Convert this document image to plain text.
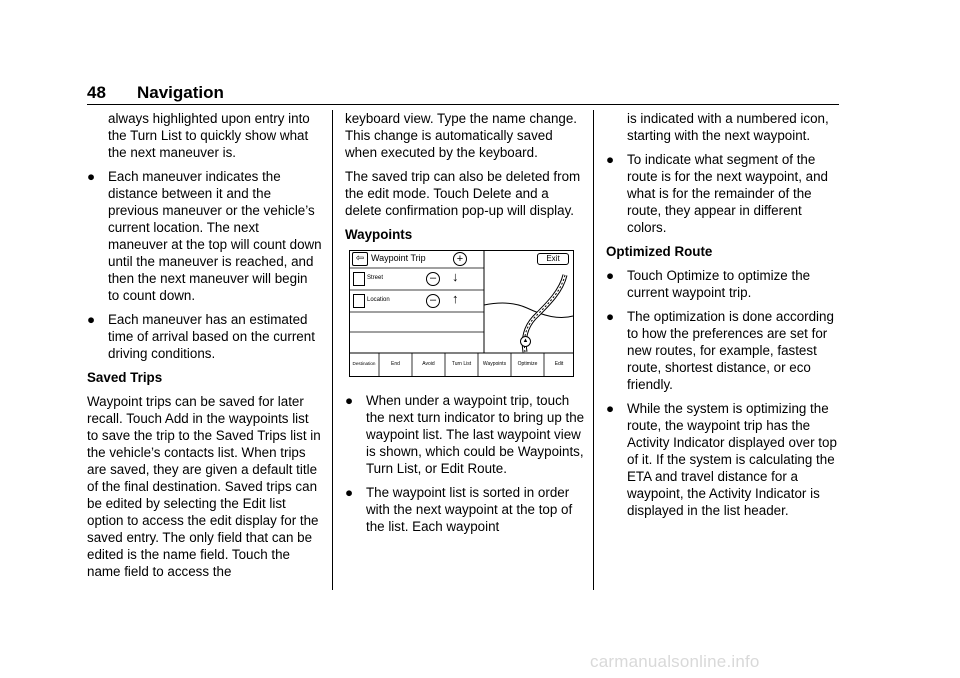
48 Navigation

always highlighted upon entry into the Turn List to quickly show what the next maneuver is.

● Each maneuver indicates the distance between it and the previous maneuver or the vehicle’s current location. The next maneuver at the top will count down until the maneuver is reached, and then the next maneuver will begin to count down.
● Each maneuver has an estimated time of arrival based on the current driving conditions.
Saved Trips

Waypoint trips can be saved for later recall. Touch Add in the waypoints list to save the trip to the Saved Trips list in the vehicle’s contacts list. When trips are saved, they are given a default title of the final destination. Saved trips can be edited by selecting the Edit list option to access the edit display for the saved entry. The only field that can be edited is the name field. Touch the name field to access the

keyboard view. Type the name change. This change is automatically saved when executed by the keyboard.

The saved trip can also be deleted from the edit mode. Touch Delete and a delete confirmation pop-up will display.

Waypoints
⇦ Waypoint Trip	+	Exit
Street	–	↓
Location	–	↑
▲
Destination	End	Avoid	Turn List	Waypoints	Optimize	Edit
● When under a waypoint trip, touch the next turn indicator to bring up the waypoint list. The last waypoint view is shown, which could be Waypoints, Turn List, or Edit Route.
● The waypoint list is sorted in order with the next waypoint at the top of the list. Each waypoint

is indicated with a numbered icon, starting with the next waypoint.

● To indicate what segment of the route is for the next waypoint, and what is for the remainder of the route, they appear in different colors.
Optimized Route
● Touch Optimize to optimize the current waypoint trip.
● The optimization is done according to how the preferences are set for new routes, for example, fastest route, shortest distance, or eco friendly.
● While the system is optimizing the route, the waypoint trip has the Activity Indicator displayed over top of it. If the system is calculating the ETA and travel distance for a waypoint, the Activity Indicator is displayed in the list header.
carmanualsonline.info
